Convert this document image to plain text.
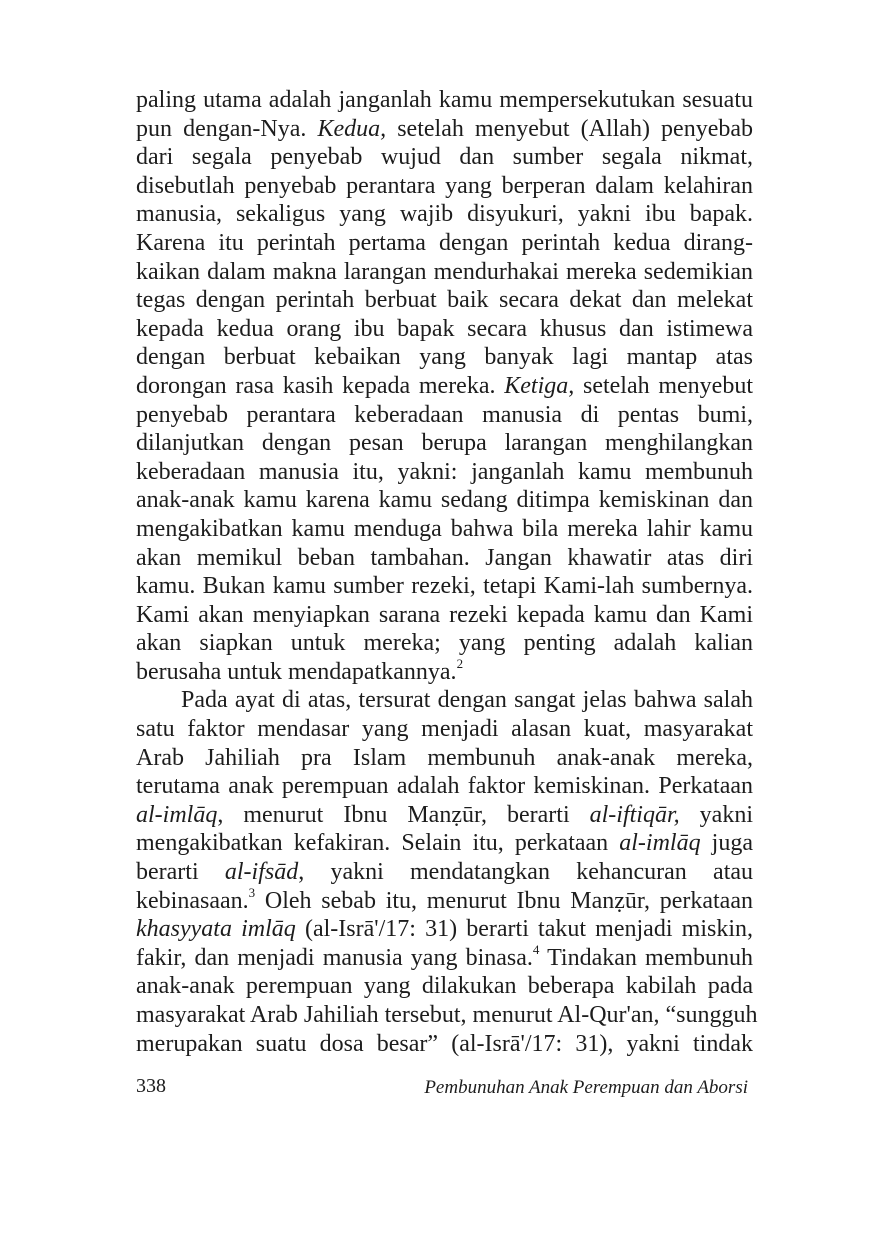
paling utama adalah janganlah kamu mempersekutukan sesuatu
pun dengan-Nya. Kedua, setelah menyebut (Allah) penyebab
dari segala penyebab wujud dan sumber segala nikmat,
disebutlah penyebab perantara yang berperan dalam kelahiran
manusia, sekaligus yang wajib disyukuri, yakni ibu bapak.
Karena itu perintah pertama dengan perintah kedua dirang-
kaikan dalam makna larangan mendurhakai mereka sedemikian
tegas dengan perintah berbuat baik secara dekat dan melekat
kepada kedua orang ibu bapak secara khusus dan istimewa
dengan berbuat kebaikan yang banyak lagi mantap atas
dorongan rasa kasih kepada mereka. Ketiga, setelah menyebut
penyebab perantara keberadaan manusia di pentas bumi,
dilanjutkan dengan pesan berupa larangan menghilangkan
keberadaan manusia itu, yakni: janganlah kamu membunuh
anak-anak kamu karena kamu sedang ditimpa kemiskinan dan
mengakibatkan kamu menduga bahwa bila mereka lahir kamu
akan memikul beban tambahan. Jangan khawatir atas diri
kamu. Bukan kamu sumber rezeki, tetapi Kami-lah sumbernya.
Kami akan menyiapkan sarana rezeki kepada kamu dan Kami
akan siapkan untuk mereka; yang penting adalah kalian
berusaha untuk mendapatkannya.$^2$
Pada ayat di atas, tersurat dengan sangat jelas bahwa salah
satu faktor mendasar yang menjadi alasan kuat, masyarakat
Arab Jahiliah pra Islam membunuh anak-anak mereka,
terutama anak perempuan adalah faktor kemiskinan. Perkataan
al-imlāq, menurut Ibnu Manẓūr, berarti al-iftiqār, yakni
mengakibatkan kefakiran. Selain itu, perkataan al-imlāq juga
berarti al-ifsād, yakni mendatangkan kehancuran atau
kebinasaan.$^3$ Oleh sebab itu, menurut Ibnu Manẓūr, perkataan
khasyyata imlāq (al-Isrā'/17: 31) berarti takut menjadi miskin,
fakir, dan menjadi manusia yang binasa.$^4$ Tindakan membunuh
anak-anak perempuan yang dilakukan beberapa kabilah pada
masyarakat Arab Jahiliah tersebut, menurut Al-Qur'an, “sungguh
merupakan suatu dosa besar” (al-Isrā'/17: 31), yakni tindak
338	Pembunuhan Anak Perempuan dan Aborsi
